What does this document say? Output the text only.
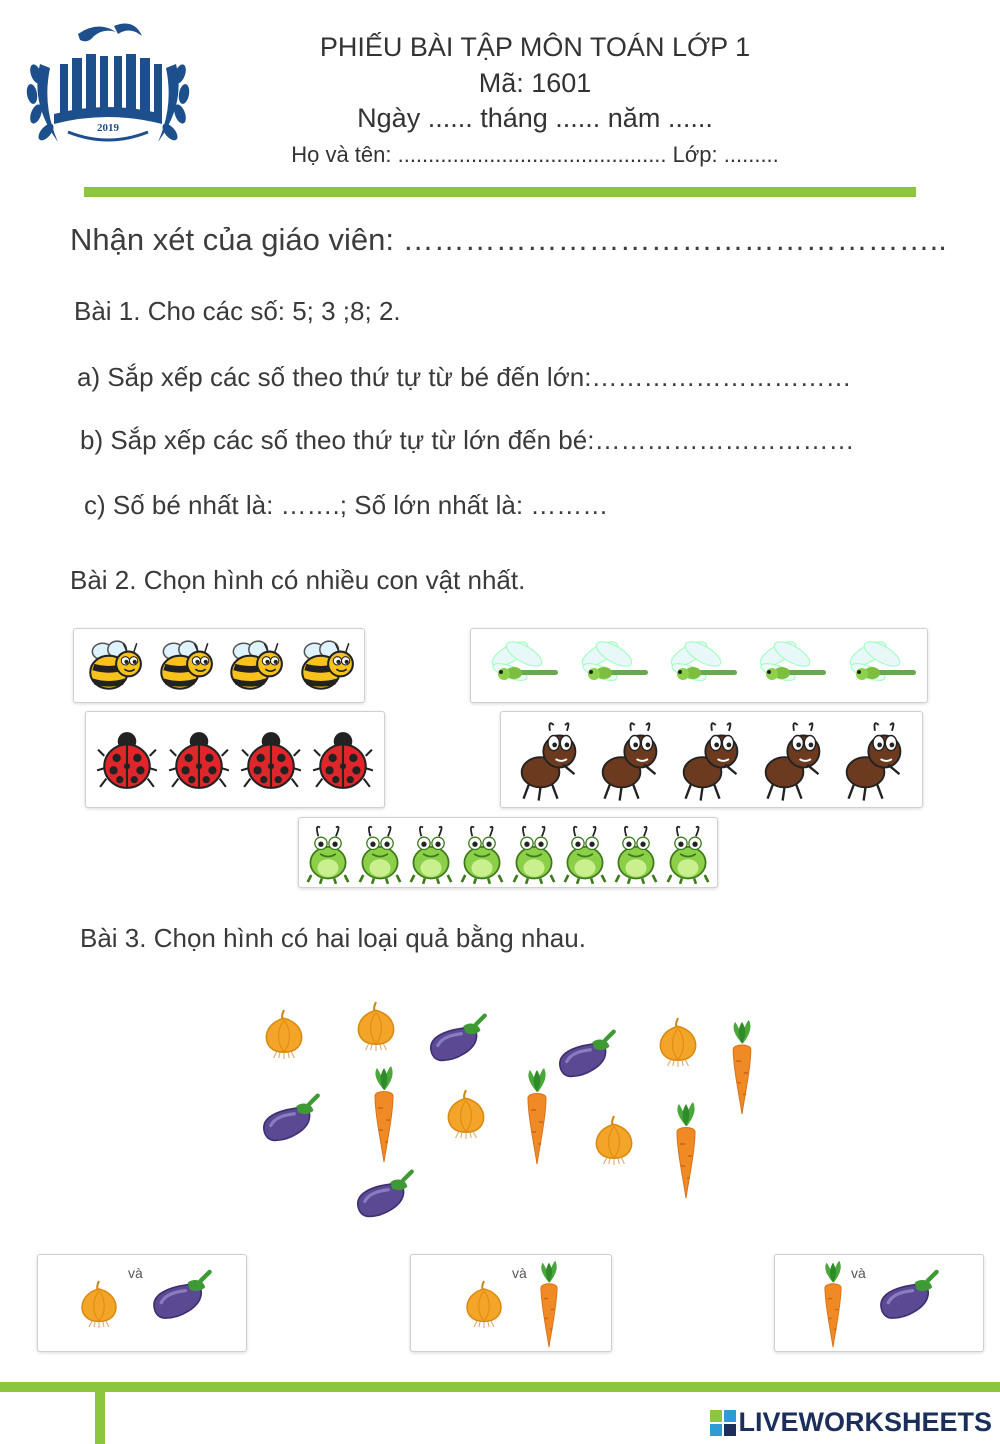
2019
PHIẾU BÀI TẬP MÔN TOÁN LỚP 1
Mã: 1601
Ngày ...... tháng ...... năm ......
Họ và tên: ............................................ Lớp: .........
Nhận xét của giáo viên: ……………………………………………..
Bài 1. Cho các số: 5; 3 ;8; 2.
a) Sắp xếp các số theo thứ tự từ bé đến lớn:…………………………
b) Sắp xếp các số theo thứ tự từ lớn đến bé:…………………………
c) Số bé nhất là: …….; Số lớn nhất là: ………
Bài 2. Chọn hình có nhiều con vật nhất.
Bài 3. Chọn hình có hai loại quả bằng nhau.
và	và	và
LIVEWORKSHEETS
